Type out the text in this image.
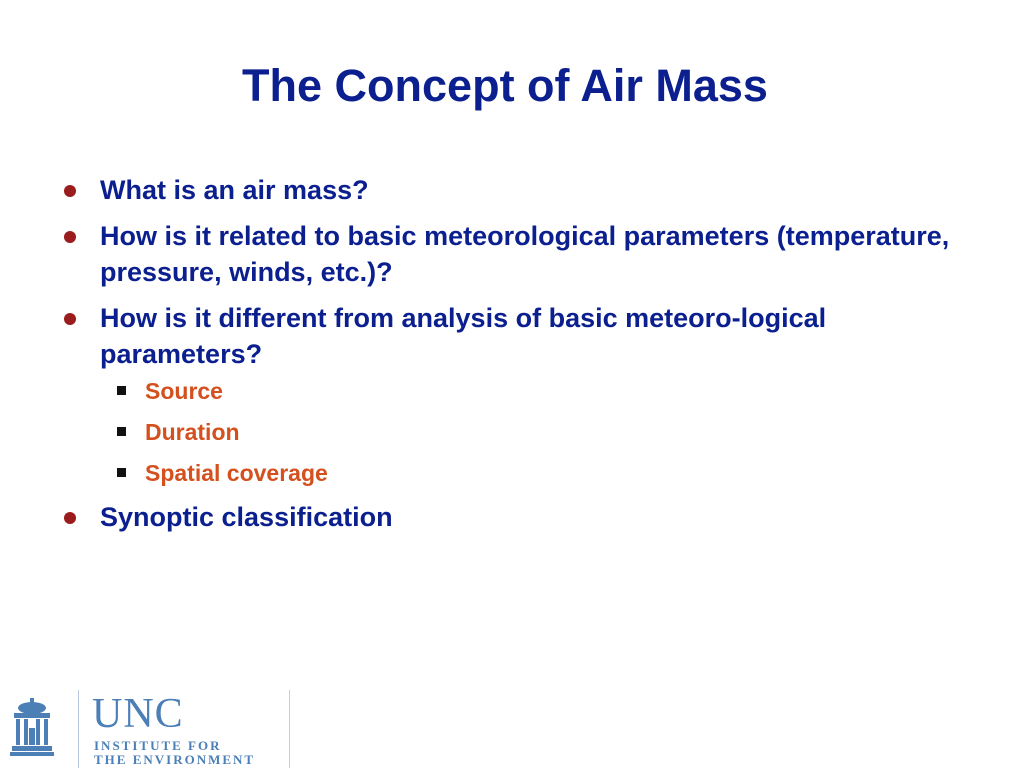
The Concept of Air Mass
What is an air mass?
How is it related to basic meteorological parameters (temperature, pressure, winds, etc.)?
How is it different from analysis of basic meteoro-logical parameters?
Source
Duration
Spatial coverage
Synoptic classification
UNC
INSTITUTE FOR
THE ENVIRONMENT
